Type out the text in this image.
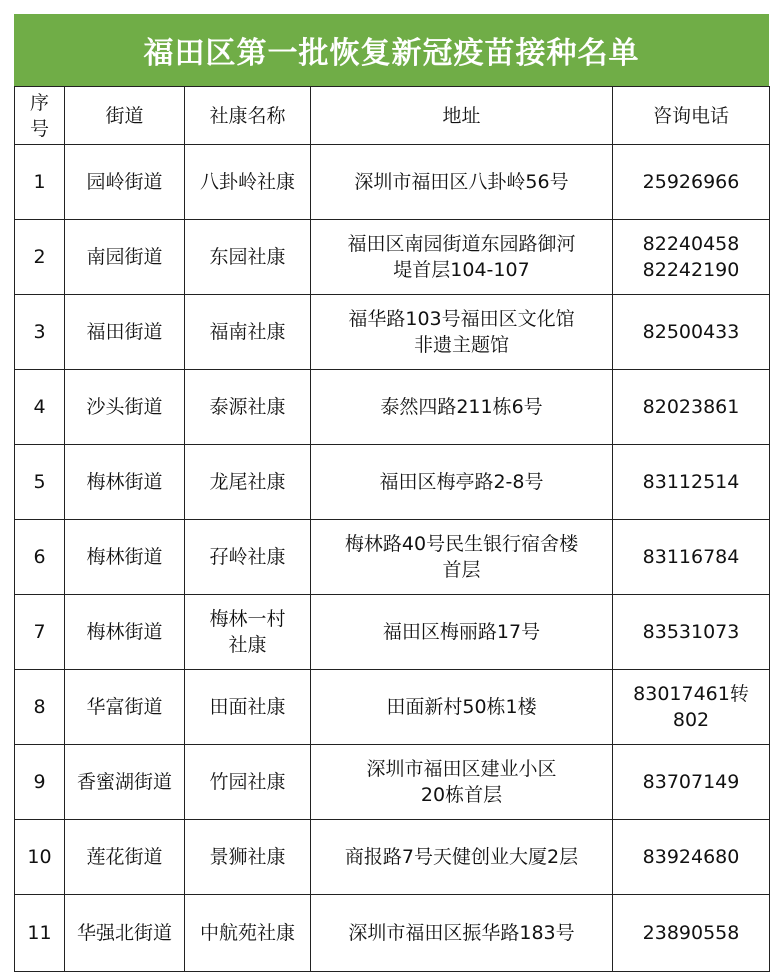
福田区第一批恢复新冠疫苗接种名单
序
号	街道	社康名称	地址	咨询电话
1	园岭街道	八卦岭社康	深圳市福田区八卦岭56号	25926966
2	南园街道	东园社康	福田区南园街道东园路御河
堤首层104-107	82240458
82242190
3	福田街道	福南社康	福华路103号福田区文化馆
非遗主题馆	82500433
4	沙头街道	泰源社康	泰然四路211栋6号	82023861
5	梅林街道	龙尾社康	福田区梅亭路2-8号	83112514
6	梅林街道	孖岭社康	梅林路40号民生银行宿舍楼
首层	83116784
7	梅林街道	梅林一村
社康	福田区梅丽路17号	83531073
8	华富街道	田面社康	田面新村50栋1楼	83017461转802
9	香蜜湖街道	竹园社康	深圳市福田区建业小区
20栋首层	83707149
10	莲花街道	景狮社康	商报路7号天健创业大厦2层	83924680
11	华强北街道	中航苑社康	深圳市福田区振华路183号	23890558
